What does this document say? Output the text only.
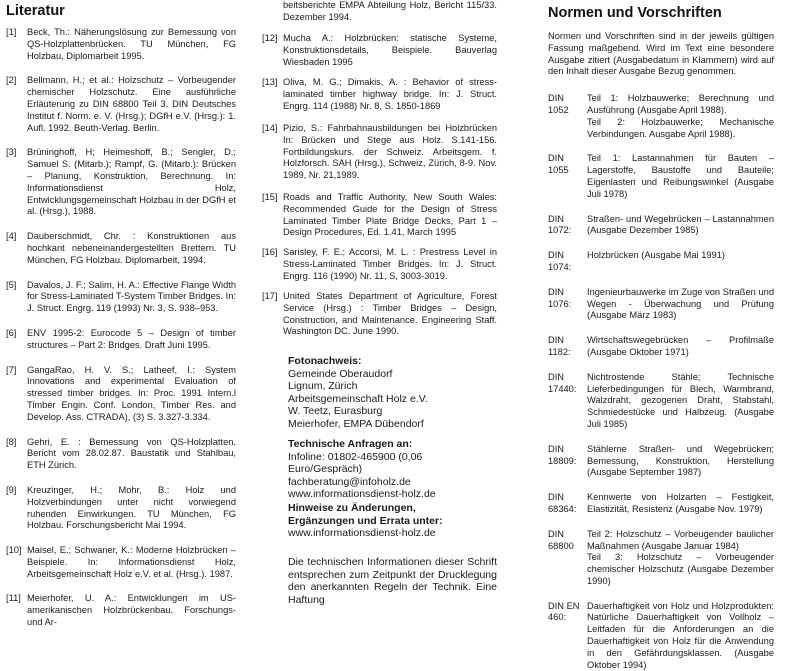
Literatur
[1]	Beck, Th.: Näherungslösung zur Bemessung von QS-Holzplattenbrücken. TU München, FG Holzbau, Diplomarbeit 1995.
[2]	Bellmann, H.; et al.: Holzschutz – Vorbeugender chemischer Holzschutz. Eine ausführliche Erläuterung zu DIN 68800 Teil 3. DIN Deutsches Institut f. Norm. e. V. (Hrsg.); DGfH e.V. (Hrsg.): 1. Aufl. 1992. Beuth-Verlag. Berlin.
[3]	Brüninghoff, H; Heimeshoff, B.; Sengler, D.; Samuel S. (Mitarb.); Rampf, G. (Mitarb.): Brücken – Planung, Konstruktion, Berechnung. In: Informationsdienst Holz, Entwicklungsgemeinschaft Holzbau in der DGfH et al. (Hrsg.), 1988.
[4]	Dauberschmidt, Chr. : Konstruktionen aus hochkant nebeneinandergestellten Brettern. TU München, FG Holzbau. Diplomarbeit, 1994.
[5]	Davalos, J. F.; Salim, H. A.: Effective Flange Width for Stress-Laminated T-System Timber Bridges. In: J. Struct. Engrg. 119 (1993) Nr. 3, S. 938–953.
[6]	ENV 1995-2: Eurocode 5 – Design of timber structures – Part 2: Bridges. Draft Juni 1995.
[7]	GangaRao, H. V. S.; Latheef, I.: System Innovations and experimental Evaluation of stressed timber bridges. In: Proc. 1991 Intern.l Timber Engin. Conf. London, Timber Res. and Develop. Ass. CTRADA), (3) S. 3.327-3.334.
[8]	Gehri, E. : Bemessung von QS-Holzplatten. Bericht vom 28.02.87. Baustatik und Stahlbau, ETH Zürich.
[9]	Kreuzinger, H.; Mohr, B.: Holz und Holzverbindungen unter nicht vorwiegend ruhenden Einwirkungen. TU München, FG Holzbau. Forschungsbericht Mai 1994.
[10] Maisel, E.; Schwaner, K.: Moderne Holzbrücken – Beispiele. In: Informationsdienst Holz, Arbeitsgemeinschaft Holz e.V. et al. (Hrsg.). 1987.
[11] Meierhofer, U. A.: Entwicklungen im US-amerikanischen Holzbrückenbau. Forschungs- und Ar-
beitsberichte EMPA Abteilung Holz, Bericht 115/33. Dezember 1994.
[12] Mucha A.: Holzbrücken: statische Systeme, Konstruktionsdetails, Beispiele. Bauverlag Wiesbaden 1995
[13] Oliva, M. G.; Dimakis, A. : Behavior of stress-laminated timber highway bridge. In: J. Struct. Engrg. 114 (1988) Nr. 8, S. 1850-1869
[14] Pizio, S.: Fahrbahnausbildungen bei Holzbrücken In: Brücken und Stege aus Holz. S.141-156. Fortbildungskurs. der Schweiz. Arbeitsgem. f. Holzforsch. SAH (Hrsg.), Schweiz, Zürich, 8-9. Nov. 1989, Nr. 21,1989.
[15] Roads and Traffic Authority, New South Wales: Recommended Guide for the Design of Stress Laminated Timber Plate Bridge Decks, Part 1 – Design Procedures, Ed. 1.41, March 1995
[16] Sarisley, F. E.; Accorsi, M. L. : Prestress Level in Stress-Laminated Timber Bridges. In: J. Struct. Engrg. 116 (1990) Nr. 11, S, 3003-3019.
[17] United States Department of Agriculture, Forest Service (Hrsg.) : Timber Bridges – Design, Construction, and Maintenance. Engineering Staff. Washington DC. June 1990.
Fotonachweis:
Gemeinde Oberaudorf
Lignum, Zürich
Arbeitsgemeinschaft Holz e.V.
W. Teetz, Eurasburg
Meierhofer, EMPA Dübendorf
Technische Anfragen an:
Infoline: 01802-465900 (0,06 Euro/Gespräch)
fachberatung@infoholz.de
www.informationsdienst-holz.de
Hinweise zu Änderungen,
Ergänzungen und Errata unter:
www.informationsdienst-holz.de
Die technischen Informationen dieser Schrift entsprechen zum Zeitpunkt der Drucklegung den anerkannten Regeln der Technik. Eine Haftung
Normen und Vorschriften

Normen und Vorschriften sind in der jeweils gültigen Fassung maßgebend. Wird im Text eine besondere Ausgabe zitiert (Ausgabedatum in Klammern) wird auf den Inhalt dieser Ausgabe Bezug genommen.

DIN 1052
Teil 1: Holzbauwerke; Berechnung und Ausführung (Ausgabe April 1988).
Teil 2: Holzbauwerke; Mechanische Verbindungen. Ausgabe April 1988).
DIN 1055
Teil 1: Lastannahmen für Bauten – Lagerstoffe, Baustoffe und Bauteile; Eigenlasten und Reibungswinkel (Ausgabe Juli 1978)
DIN 1072:
Straßen- und Wegebrücken – Lastannahmen (Ausgabe Dezember 1985)
DIN 1074:
Holzbrücken (Ausgabe Mai 1991)
DIN 1076:
Ingenieurbauwerke im Zuge von Straßen und Wegen - Überwachung und Prüfung (Ausgabe März 1983)
DIN 1182:
Wirtschaftswegebrücken – Profilmaße (Ausgabe Oktober 1971)
DIN 17440:
Nichtrostende Stähle; Technische Lieferbedingungen für Blech, Warmbrand, Walzdraht, gezogenen Draht, Stabstahl, Schmiedestücke und Halbzeug. (Ausgabe Juli 1985)
DIN 18809:
Stählerne Straßen- und Wegebrücken; Bemessung, Konstruktion, Herstellung (Ausgabe September 1987)
DIN 68364:
Kennwerte von Holzarten – Festigkeit, Elastizität, Resistenz (Ausgabe Nov. 1979)
DIN 68800
Teil 2: Holzschutz – Vorbeugender baulicher Maßnahmen (Ausgabe Januar 1984)
Teil 3: Holzschutz – Vorbeugender chemischer Holzschutz (Ausgabe Dezember 1990)
DIN EN 460:
Dauerhaftigkeit von Holz und Holzprodukten: Natürliche Dauerhaftigkeit von Vollholz – Leitfaden für die Anforderungen an die Dauerhaftigkeit von Holz für die Anwendung in den Gefährdungsklassen. (Ausgabe Oktober 1994)
